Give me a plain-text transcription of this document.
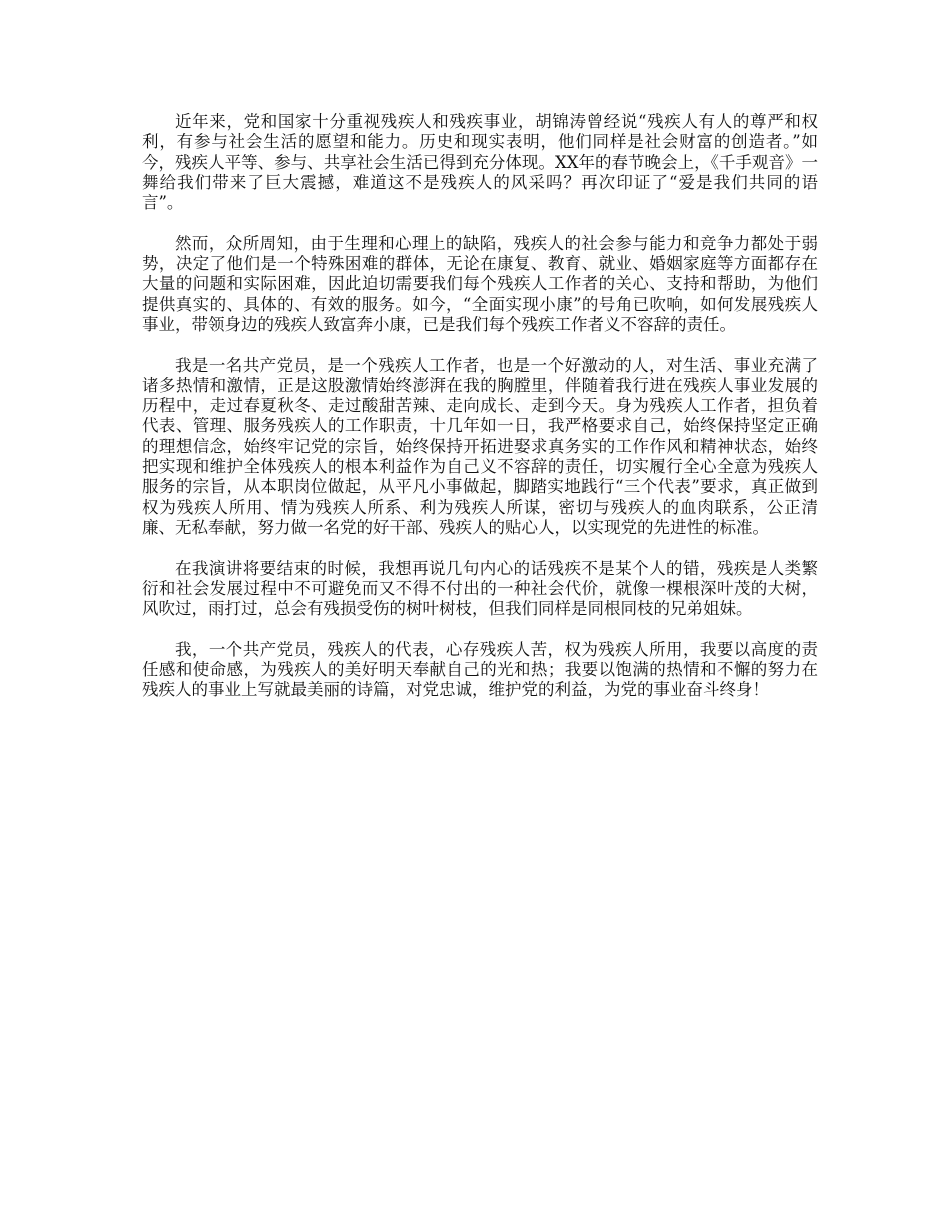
近年来，党和国家十分重视残疾人和残疾事业，胡锦涛曾经说“残疾人有人的尊严和权利，有参与社会生活的愿望和能力。历史和现实表明，他们同样是社会财富的创造者。”如今，残疾人平等、参与、共享社会生活已得到充分体现。XX年的春节晚会上，《千手观音》一舞给我们带来了巨大震撼，难道这不是残疾人的风采吗？再次印证了“爱是我们共同的语言”。

然而，众所周知，由于生理和心理上的缺陷，残疾人的社会参与能力和竞争力都处于弱势，决定了他们是一个特殊困难的群体，无论在康复、教育、就业、婚姻家庭等方面都存在大量的问题和实际困难，因此迫切需要我们每个残疾人工作者的关心、支持和帮助，为他们提供真实的、具体的、有效的服务。如今，“全面实现小康”的号角已吹响，如何发展残疾人事业，带领身边的残疾人致富奔小康，已是我们每个残疾工作者义不容辞的责任。

我是一名共产党员，是一个残疾人工作者，也是一个好激动的人，对生活、事业充满了诸多热情和激情，正是这股激情始终澎湃在我的胸膛里，伴随着我行进在残疾人事业发展的历程中，走过春夏秋冬、走过酸甜苦辣、走向成长、走到今天。身为残疾人工作者，担负着代表、管理、服务残疾人的工作职责，十几年如一日，我严格要求自己，始终保持坚定正确的理想信念，始终牢记党的宗旨，始终保持开拓进娶求真务实的工作作风和精神状态，始终把实现和维护全体残疾人的根本利益作为自己义不容辞的责任，切实履行全心全意为残疾人服务的宗旨，从本职岗位做起，从平凡小事做起，脚踏实地践行“三个代表”要求，真正做到权为残疾人所用、情为残疾人所系、利为残疾人所谋，密切与残疾人的血肉联系，公正清廉、无私奉献，努力做一名党的好干部、残疾人的贴心人，以实现党的先进性的标准。

在我演讲将要结束的时候，我想再说几句内心的话残疾不是某个人的错，残疾是人类繁衍和社会发展过程中不可避免而又不得不付出的一种社会代价，就像一棵根深叶茂的大树，风吹过，雨打过，总会有残损受伤的树叶树枝，但我们同样是同根同枝的兄弟姐妹。

我，一个共产党员，残疾人的代表，心存残疾人苦，权为残疾人所用，我要以高度的责任感和使命感，为残疾人的美好明天奉献自己的光和热；我要以饱满的热情和不懈的努力在残疾人的事业上写就最美丽的诗篇，对党忠诚，维护党的利益，为党的事业奋斗终身！
